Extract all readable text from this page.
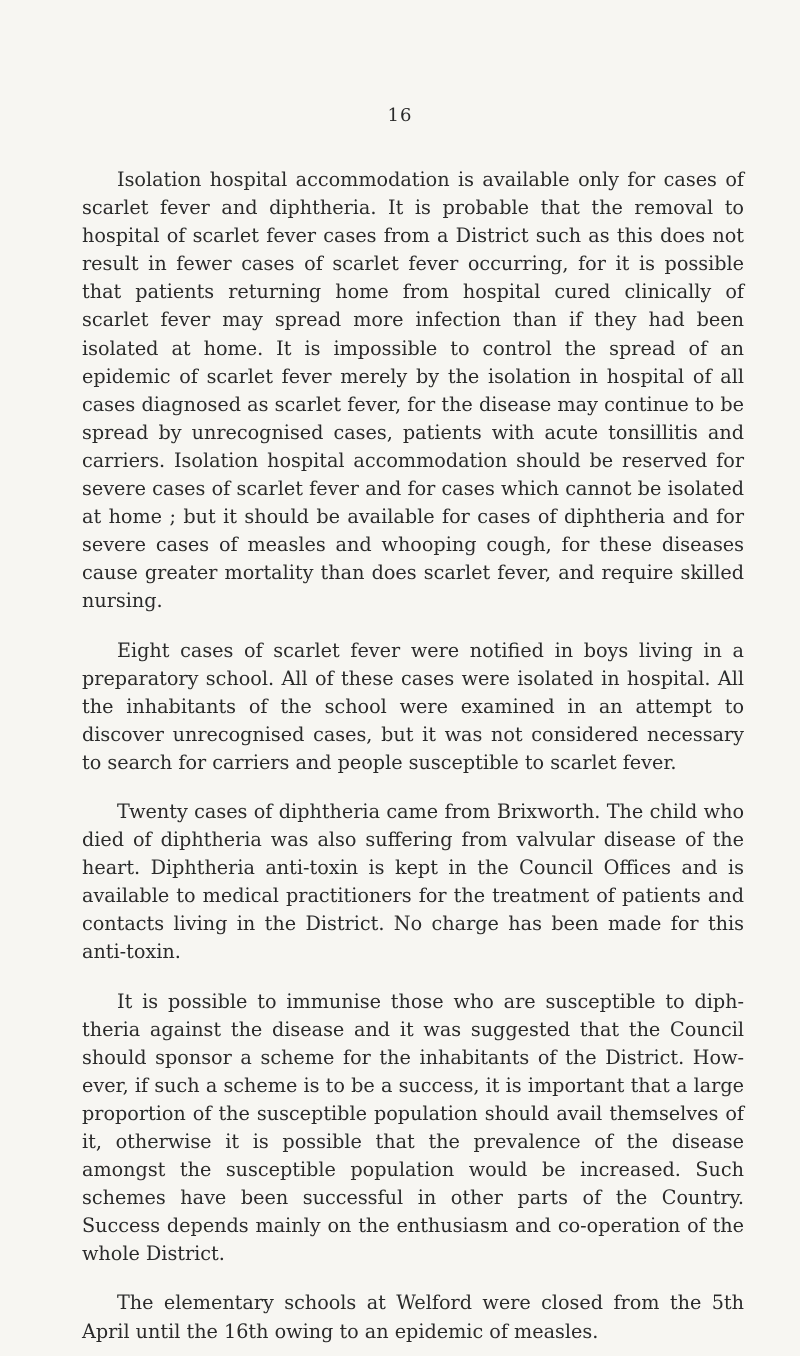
16

Isolation hospital accommodation is available only for cases of scarlet fever and diphtheria. It is probable that the removal to hospital of scarlet fever cases from a District such as this does not result in fewer cases of scarlet fever occurring, for it is possible that patients returning home from hospital cured clinically of scarlet fever may spread more infection than if they had been isolated at home. It is impossible to control the spread of an epidemic of scarlet fever merely by the isolation in hospital of all cases diagnosed as scarlet fever, for the disease may continue to be spread by unrecognised cases, patients with acute tonsillitis and carriers. Isolation hospital accommodation should be reserved for severe cases of scarlet fever and for cases which cannot be isolated at home ; but it should be available for cases of diphtheria and for severe cases of measles and whooping cough, for these diseases cause greater mortality than does scarlet fever, and require skilled nursing.

Eight cases of scarlet fever were notified in boys living in a preparatory school. All of these cases were isolated in hospital. All the inhabitants of the school were examined in an attempt to discover unrecognised cases, but it was not considered necessary to search for carriers and people susceptible to scarlet fever.

Twenty cases of diphtheria came from Brixworth. The child who died of diphtheria was also suffering from valvular disease of the heart. Diphtheria anti-toxin is kept in the Council Offices and is available to medical practitioners for the treatment of patients and contacts living in the District. No charge has been made for this anti-toxin.

It is possible to immunise those who are susceptible to diph-theria against the disease and it was suggested that the Council should sponsor a scheme for the inhabitants of the District. How-ever, if such a scheme is to be a success, it is important that a large proportion of the susceptible population should avail themselves of it, otherwise it is possible that the prevalence of the disease amongst the susceptible population would be increased. Such schemes have been successful in other parts of the Country. Success depends mainly on the enthusiasm and co-operation of the whole District.

The elementary schools at Welford were closed from the 5th April until the 16th owing to an epidemic of measles.
